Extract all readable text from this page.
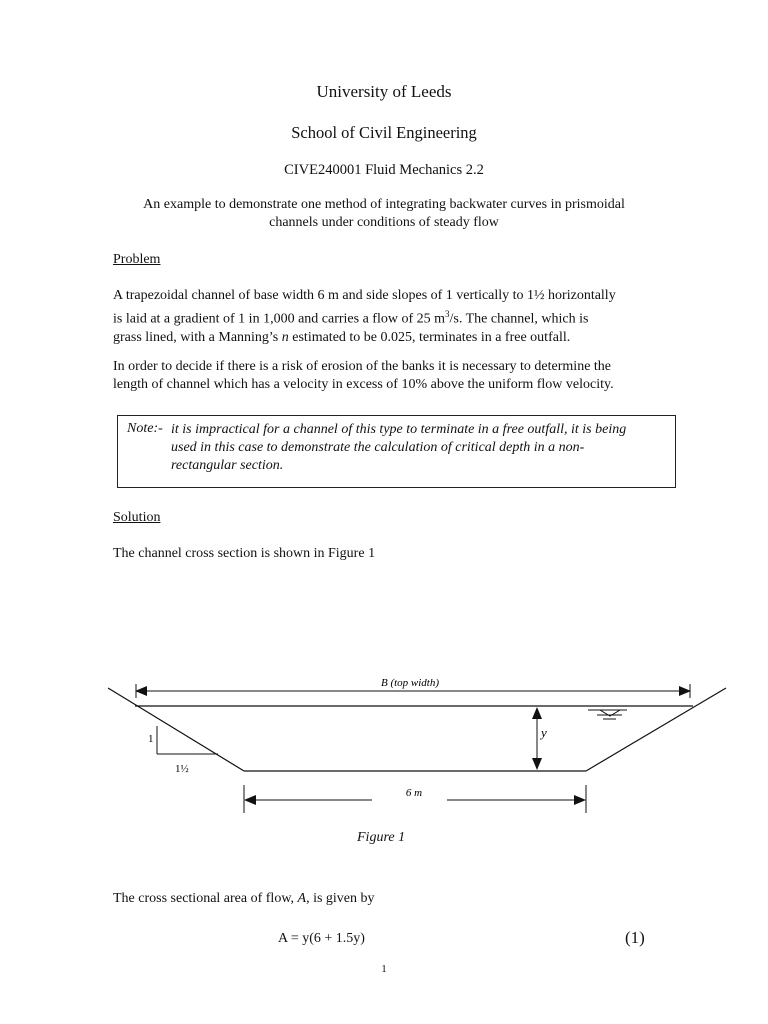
University of Leeds
School of Civil Engineering
CIVE240001 Fluid Mechanics 2.2
An example to demonstrate one method of integrating backwater curves in prismoidal
channels under conditions of steady flow
Problem
A trapezoidal channel of base width 6 m and side slopes of 1 vertically to 1½ horizontally
is laid at a gradient of 1 in 1,000 and carries a flow of 25 $m^3/s$. The channel, which is
grass lined, with a Manning’s n estimated to be 0.025, terminates in a free outfall.
In order to decide if there is a risk of erosion of the banks it is necessary to determine the
length of channel which has a velocity in excess of 10% above the uniform flow velocity.
Note:- it is impractical for a channel of this type to terminate in a free outfall, it is being
used in this case to demonstrate the calculation of critical depth in a non-
rectangular section.
Solution
The channel cross section is shown in Figure 1
B (top width)
y
1
1½
6 m
Figure 1
The cross sectional area of flow, A, is given by
A = y(6 + 1.5y)	(1)
1
